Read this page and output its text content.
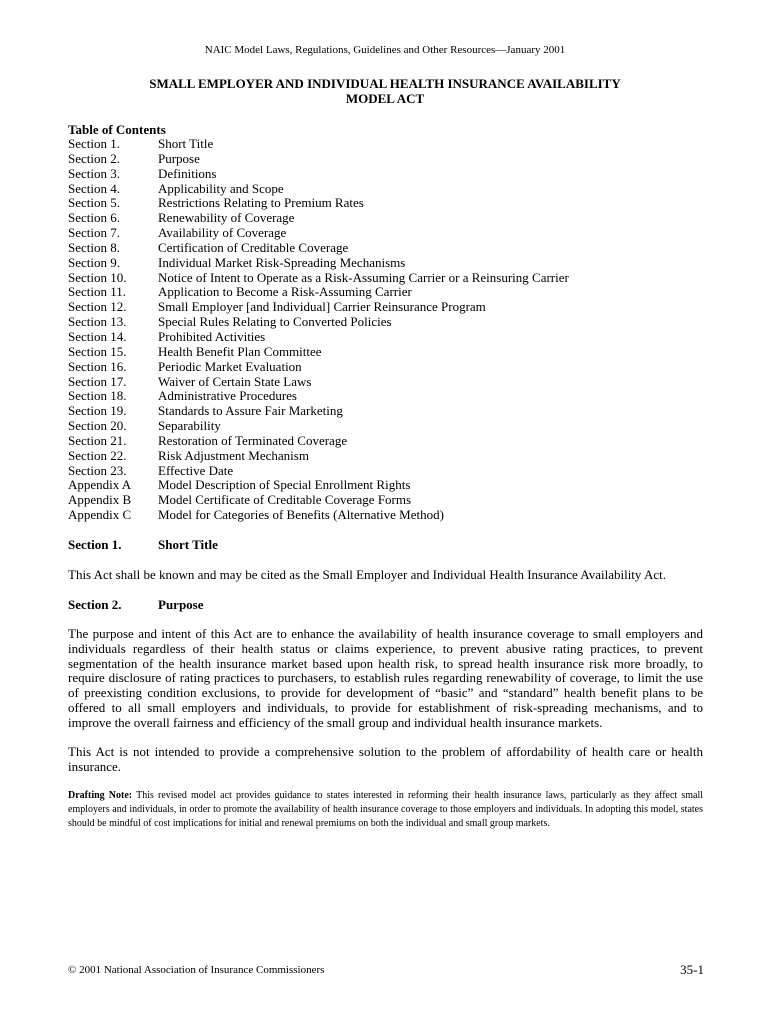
NAIC Model Laws, Regulations, Guidelines and Other Resources—January 2001
SMALL EMPLOYER AND INDIVIDUAL HEALTH INSURANCE AVAILABILITY
MODEL ACT
Table of Contents
Section 1.	Short Title
Section 2.	Purpose
Section 3.	Definitions
Section 4.	Applicability and Scope
Section 5.	Restrictions Relating to Premium Rates
Section 6.	Renewability of Coverage
Section 7.	Availability of Coverage
Section 8.	Certification of Creditable Coverage
Section 9.	Individual Market Risk-Spreading Mechanisms
Section 10.	Notice of Intent to Operate as a Risk-Assuming Carrier or a Reinsuring Carrier
Section 11.	Application to Become a Risk-Assuming Carrier
Section 12.	Small Employer [and Individual] Carrier Reinsurance Program
Section 13.	Special Rules Relating to Converted Policies
Section 14.	Prohibited Activities
Section 15.	Health Benefit Plan Committee
Section 16.	Periodic Market Evaluation
Section 17.	Waiver of Certain State Laws
Section 18.	Administrative Procedures
Section 19.	Standards to Assure Fair Marketing
Section 20.	Separability
Section 21.	Restoration of Terminated Coverage
Section 22.	Risk Adjustment Mechanism
Section 23.	Effective Date
Appendix A	Model Description of Special Enrollment Rights
Appendix B	Model Certificate of Creditable Coverage Forms
Appendix C	Model for Categories of Benefits (Alternative Method)
Section 1.	Short Title
This Act shall be known and may be cited as the Small Employer and Individual Health Insurance Availability Act.
Section 2.	Purpose
The purpose and intent of this Act are to enhance the availability of health insurance coverage to small employers and individuals regardless of their health status or claims experience, to prevent abusive rating practices, to prevent segmentation of the health insurance market based upon health risk, to spread health insurance risk more broadly, to require disclosure of rating practices to purchasers, to establish rules regarding renewability of coverage, to limit the use of preexisting condition exclusions, to provide for development of “basic” and “standard” health benefit plans to be offered to all small employers and individuals, to provide for establishment of risk-spreading mechanisms, and to improve the overall fairness and efficiency of the small group and individual health insurance markets.
This Act is not intended to provide a comprehensive solution to the problem of affordability of health care or health insurance.
Drafting Note: This revised model act provides guidance to states interested in reforming their health insurance laws, particularly as they affect small employers and individuals, in order to promote the availability of health insurance coverage to those employers and individuals. In adopting this model, states should be mindful of cost implications for initial and renewal premiums on both the individual and small group markets.
© 2001 National Association of Insurance Commissioners	35-1
